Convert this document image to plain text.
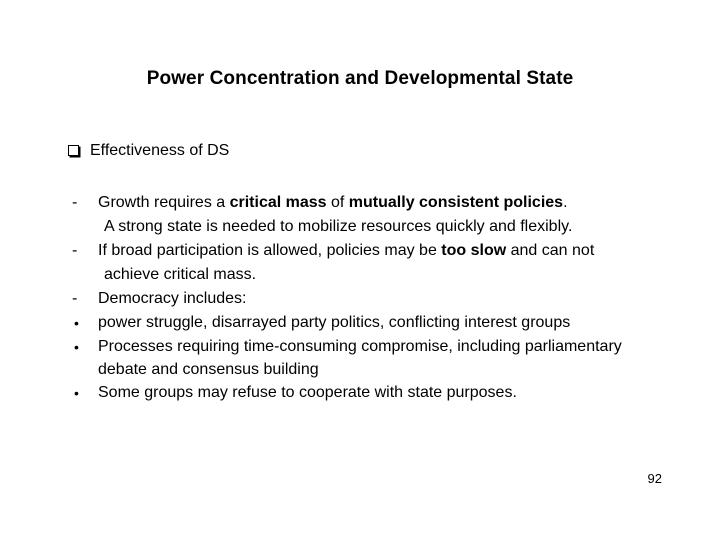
Power Concentration and Developmental State
Effectiveness of DS
-	Growth requires a critical mass of mutually consistent policies.
A strong state is needed to mobilize resources quickly and flexibly.
-	If broad participation is allowed, policies may be too slow and can not
achieve critical mass.
-	Democracy includes:
•	power struggle, disarrayed party politics, conflicting interest groups
•	Processes requiring time-consuming compromise, including parliamentary
debate and consensus building
•	Some groups may refuse to cooperate with state purposes.
92
